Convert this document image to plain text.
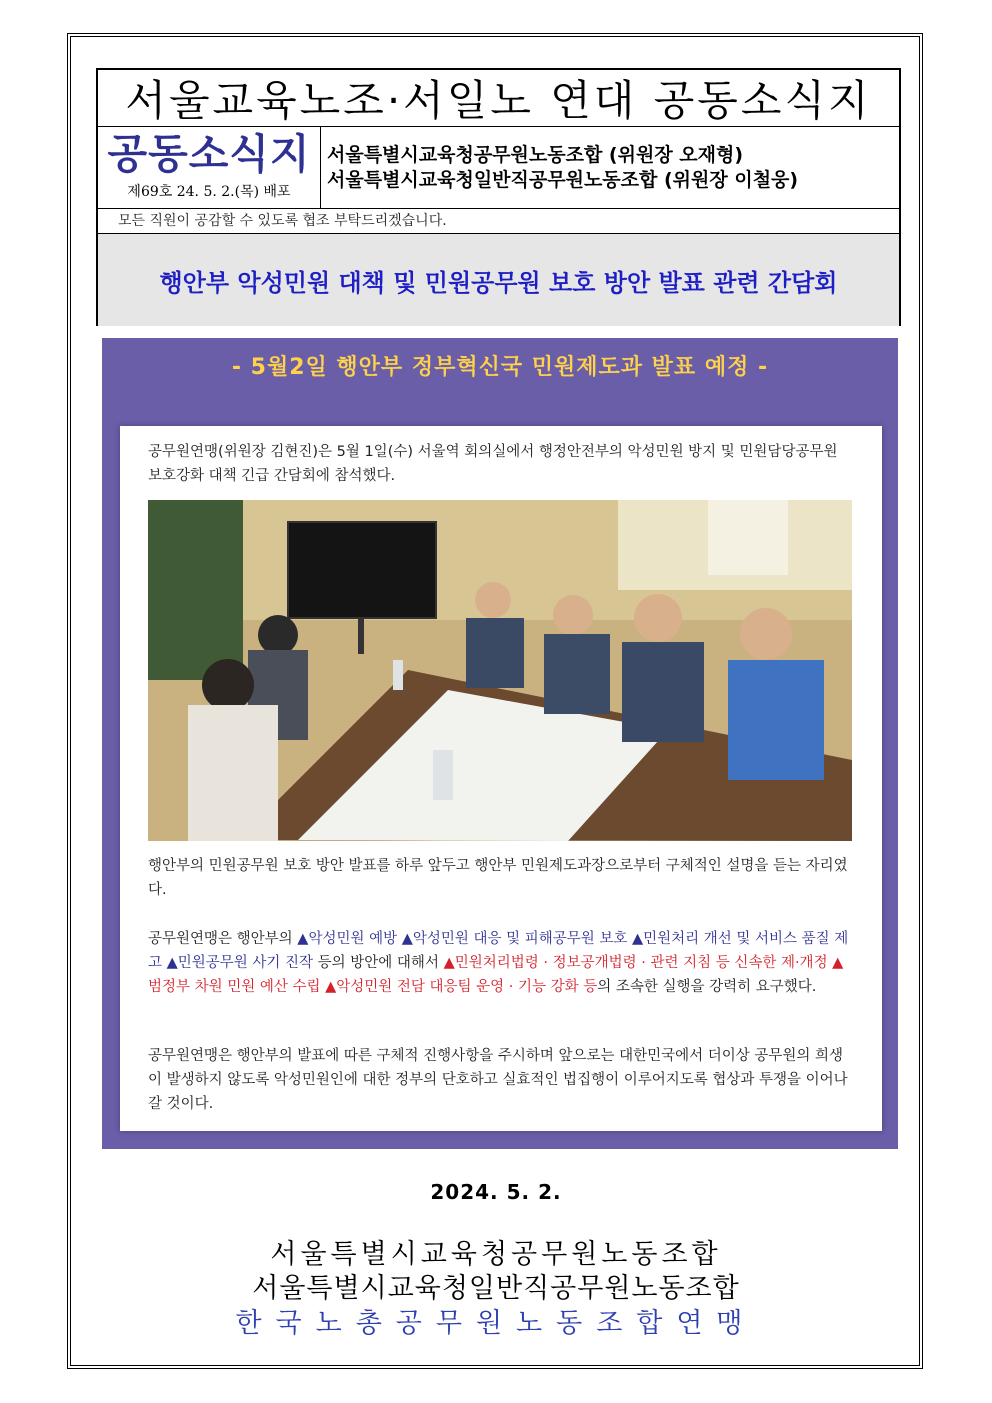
서울교육노조·서일노 연대 공동소식지
공동소식지
제69호 24. 5. 2.(목) 배포
서울특별시교육청공무원노동조합 (위원장 오재형)
서울특별시교육청일반직공무원노동조합 (위원장 이철웅)
모든 직원이 공감할 수 있도록 협조 부탁드리겠습니다.
행안부 악성민원 대책 및 민원공무원 보호 방안 발표 관련 간담회
- 5월2일 행안부 정부혁신국 민원제도과 발표 예정 -
공무원연맹(위원장 김현진)은 5월 1일(수) 서울역 회의실에서 행정안전부의 악성민원 방지 및 민원담당공무원 보호강화 대책 긴급 간담회에 참석했다.
행안부의 민원공무원 보호 방안 발표를 하루 앞두고 행안부 민원제도과장으로부터 구체적인 설명을 듣는 자리였다.
공무원연맹은 행안부의 ▲악성민원 예방 ▲악성민원 대응 및 피해공무원 보호 ▲민원처리 개선 및 서비스 품질 제고 ▲민원공무원 사기 진작 등의 방안에 대해서 ▲민원처리법령 · 정보공개법령 · 관련 지침 등 신속한 제·개정 ▲범정부 차원 민원 예산 수립 ▲악성민원 전담 대응팀 운영 · 기능 강화 등의 조속한 실행을 강력히 요구했다.
공무원연맹은 행안부의 발표에 따른 구체적 진행사항을 주시하며 앞으로는 대한민국에서 더이상 공무원의 희생이 발생하지 않도록 악성민원인에 대한 정부의 단호하고 실효적인 법집행이 이루어지도록 협상과 투쟁을 이어나갈 것이다.
2024. 5. 2.
서울특별시교육청공무원노동조합
서울특별시교육청일반직공무원노동조합
한국노총공무원노동조합연맹
